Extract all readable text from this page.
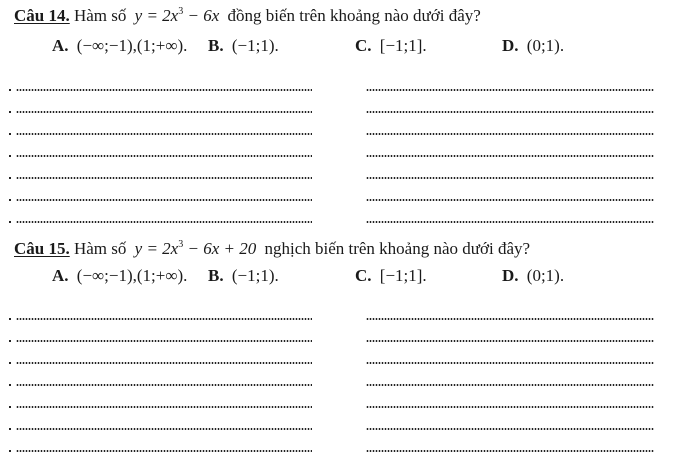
Câu 14. Hàm số $y = 2x^3 - 6x$ đồng biến trên khoảng nào dưới đây?
A. (−∞;−1),(1;+∞). B. (−1;1).	C. [−1;1].	D. (0;1).
Câu 15. Hàm số $y = 2x^3 - 6x + 20$ nghịch biến trên khoảng nào dưới đây?
A. (−∞;−1),(1;+∞). B. (−1;1).	C. [−1;1].	D. (0;1).
